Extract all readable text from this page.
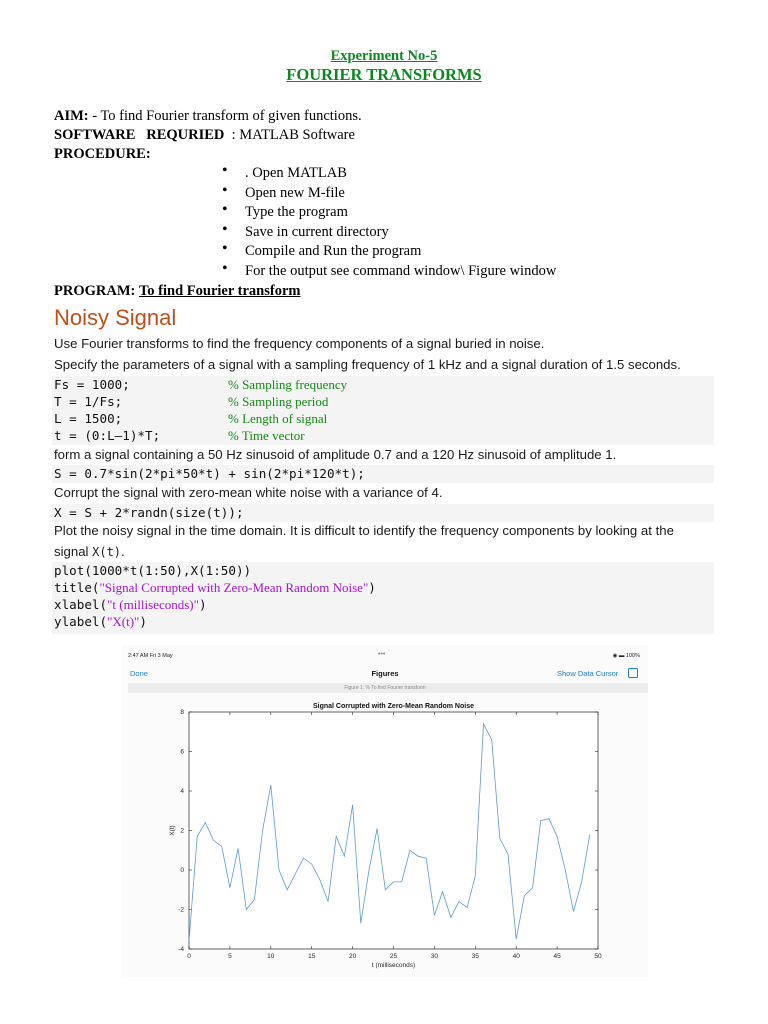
Experiment No-5
FOURIER TRANSFORMS
AIM: - To find Fourier transform of given functions.
SOFTWARE   REQURIED  : MATLAB Software
PROCEDURE:
• . Open MATLAB
• Open new M-file
• Type the program
• Save in current directory
• Compile and Run the program
• For the output see command window\ Figure window
PROGRAM: To find Fourier transform
Noisy Signal
Use Fourier transforms to find the frequency components of a signal buried in noise.
Specify the parameters of a signal with a sampling frequency of 1 kHz and a signal duration of 1.5 seconds.
Fs = 1000;	% Sampling frequency
T = 1/Fs;	% Sampling period
L = 1500;	% Length of signal
t = (0:L–1)*T;	% Time vector
form a signal containing a 50 Hz sinusoid of amplitude 0.7 and a 120 Hz sinusoid of amplitude 1.
S = 0.7*sin(2*pi*50*t) + sin(2*pi*120*t);
Corrupt the signal with zero-mean white noise with a variance of 4.
X = S + 2*randn(size(t));
Plot the noisy signal in the time domain. It is difficult to identify the frequency components by looking at the
signal X(t).
plot(1000*t(1:50),X(1:50))
title("Signal Corrupted with Zero-Mean Random Noise")
xlabel("t (milliseconds)")
ylabel("X(t)")
2:47 AM Fri 3 May	•••	◉ ▬ 100%
Done	Figures	Show Data Cursor
Figure 1: % To find Fourier transform
0	5	10	15	20	25	30	35	40	45	50
-4
-2
0
2
4
6
8
Signal Corrupted with Zero-Mean Random Noise
t (milliseconds)
X(t)
